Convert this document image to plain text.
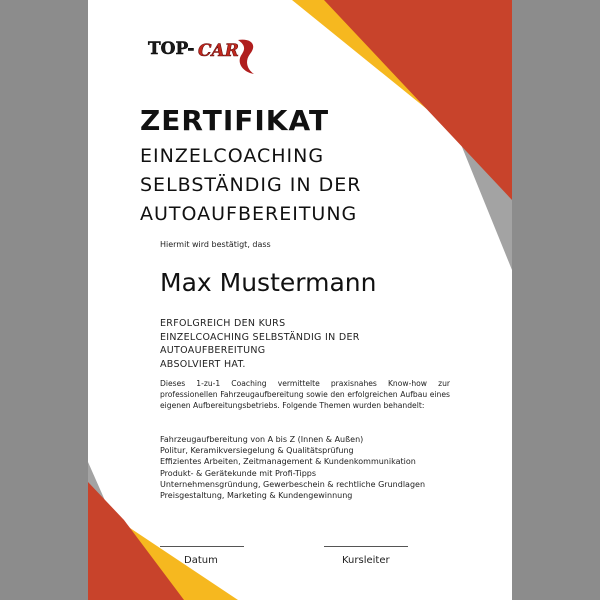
TOP- CAR
ZERTIFIKAT
EINZELCOACHING
SELBSTÄNDIG IN DER
AUTOAUFBEREITUNG
Hiermit wird bestätigt, dass
Max Mustermann
ERFOLGREICH DEN KURS
EINZELCOACHING SELBSTÄNDIG IN DER
AUTOAUFBEREITUNG
ABSOLVIERT HAT.
Dieses 1-zu-1 Coaching vermittelte praxisnahes Know-how zur professionellen Fahrzeugaufbereitung sowie den erfolgreichen Aufbau eines eigenen Aufbereitungsbetriebs. Folgende Themen wurden behandelt:
Fahrzeugaufbereitung von A bis Z (Innen & Außen)
Politur, Keramikversiegelung & Qualitätsprüfung
Effizientes Arbeiten, Zeitmanagement & Kundenkommunikation
Produkt- & Gerätekunde mit Profi-Tipps
Unternehmensgründung, Gewerbeschein & rechtliche Grundlagen
Preisgestaltung, Marketing & Kundengewinnung
Datum	Kursleiter
